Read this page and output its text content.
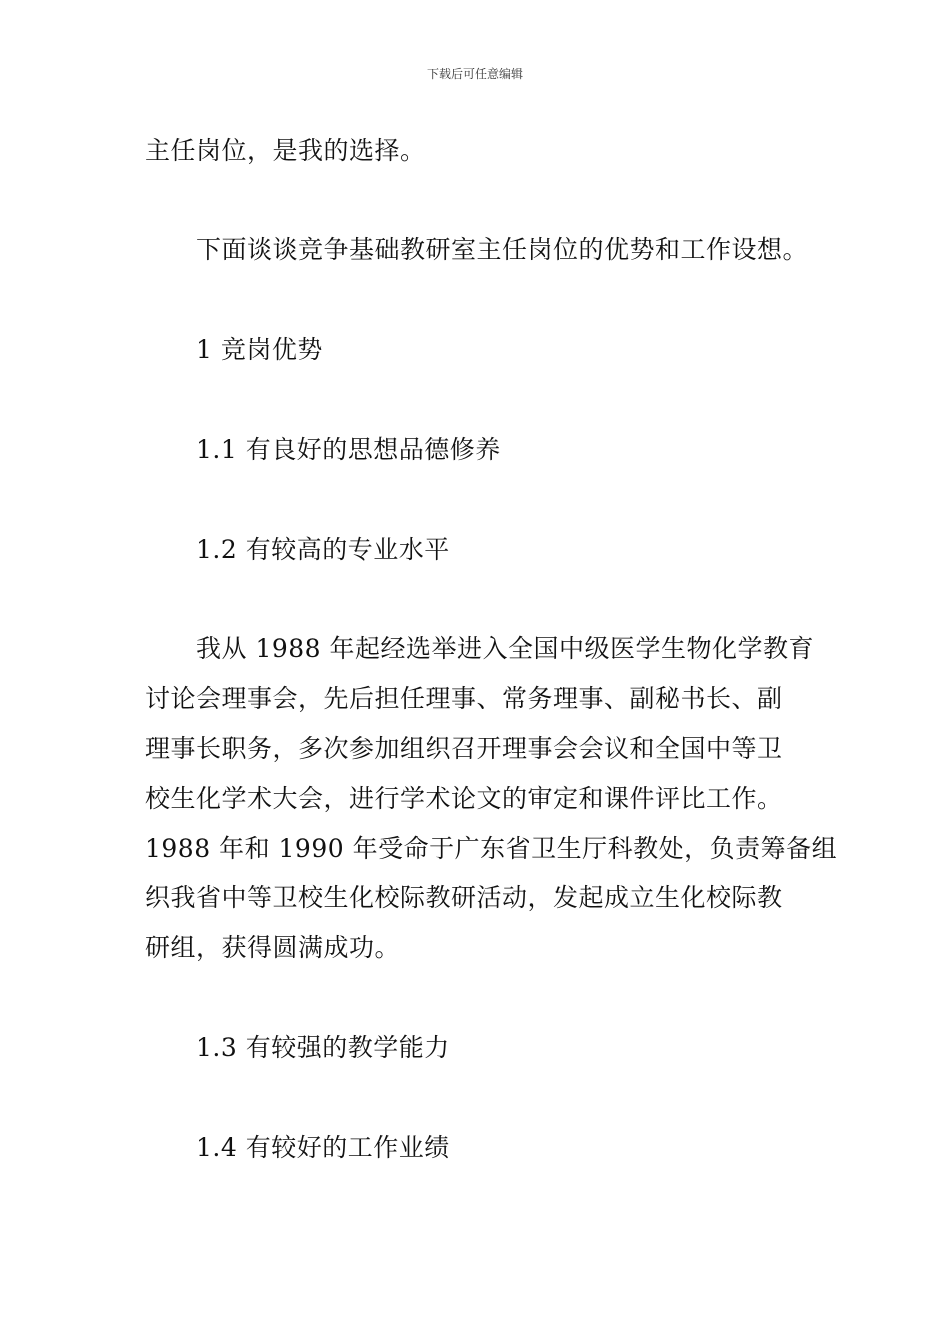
下载后可任意编辑
主任岗位，是我的选择。
下面谈谈竞争基础教研室主任岗位的优势和工作设想。
1 竞岗优势
1.1 有良好的思想品德修养
1.2 有较高的专业水平
我从 1988 年起经选举进入全国中级医学生物化学教育
讨论会理事会，先后担任理事、常务理事、副秘书长、副
理事长职务，多次参加组织召开理事会会议和全国中等卫
校生化学术大会，进行学术论文的审定和课件评比工作。
1988 年和 1990 年受命于广东省卫生厅科教处，负责筹备组
织我省中等卫校生化校际教研活动，发起成立生化校际教
研组，获得圆满成功。
1.3 有较强的教学能力
1.4 有较好的工作业绩
